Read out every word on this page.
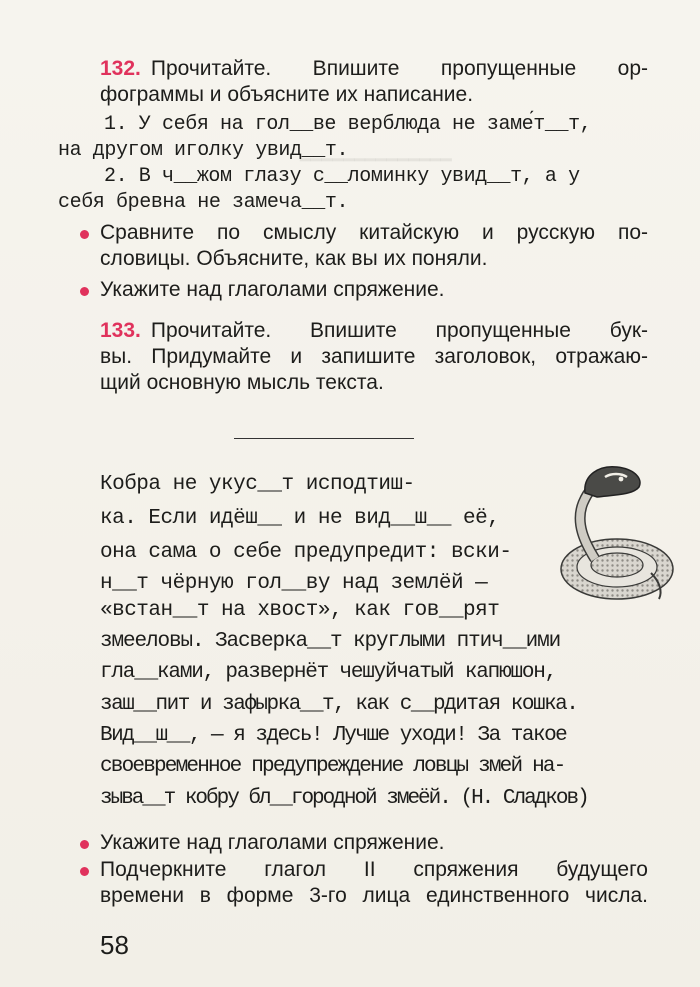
━━━━━━━━━━━━━━
132. Прочитайте. Впишите пропущенные ор-
фограммы и объясните их написание.
1. У себя на гол__ве верблюда не заме́т__т,
на другом иголку увид__т.
2. В ч__жом глазу с__ломинку увид__т, а у
себя бревна не замеча__т.
Сравните по смыслу китайскую и русскую по-
словицы. Объясните, как вы их поняли.
Укажите над глаголами спряжение.
133. Прочитайте. Впишите пропущенные бук-
вы. Придумайте и запишите заголовок, отражаю-
щий основную мысль текста.
Кобра не укус__т исподтиш-
ка. Если идёш__ и не вид__ш__ её,
она сама о себе предупредит: вски-
н__т чёрную гол__ву над землёй —
«встан__т на хвост», как гов__рят
змееловы. Засверка__т круглыми птич__ими
гла__ками, развернёт чешуйчатый капюшон,
заш__пит и зафырка__т, как с__рдитая кошка.
Вид__ш__, — я здесь! Лучше уходи! За такое
своевременное предупреждение ловцы змей на-
зыва__т кобру бл__городной змеёй. (Н. Сладков)
Укажите над глаголами спряжение.
Подчеркните глагол II спряжения будущего
времени в форме 3-го лица единственного числа.
58
